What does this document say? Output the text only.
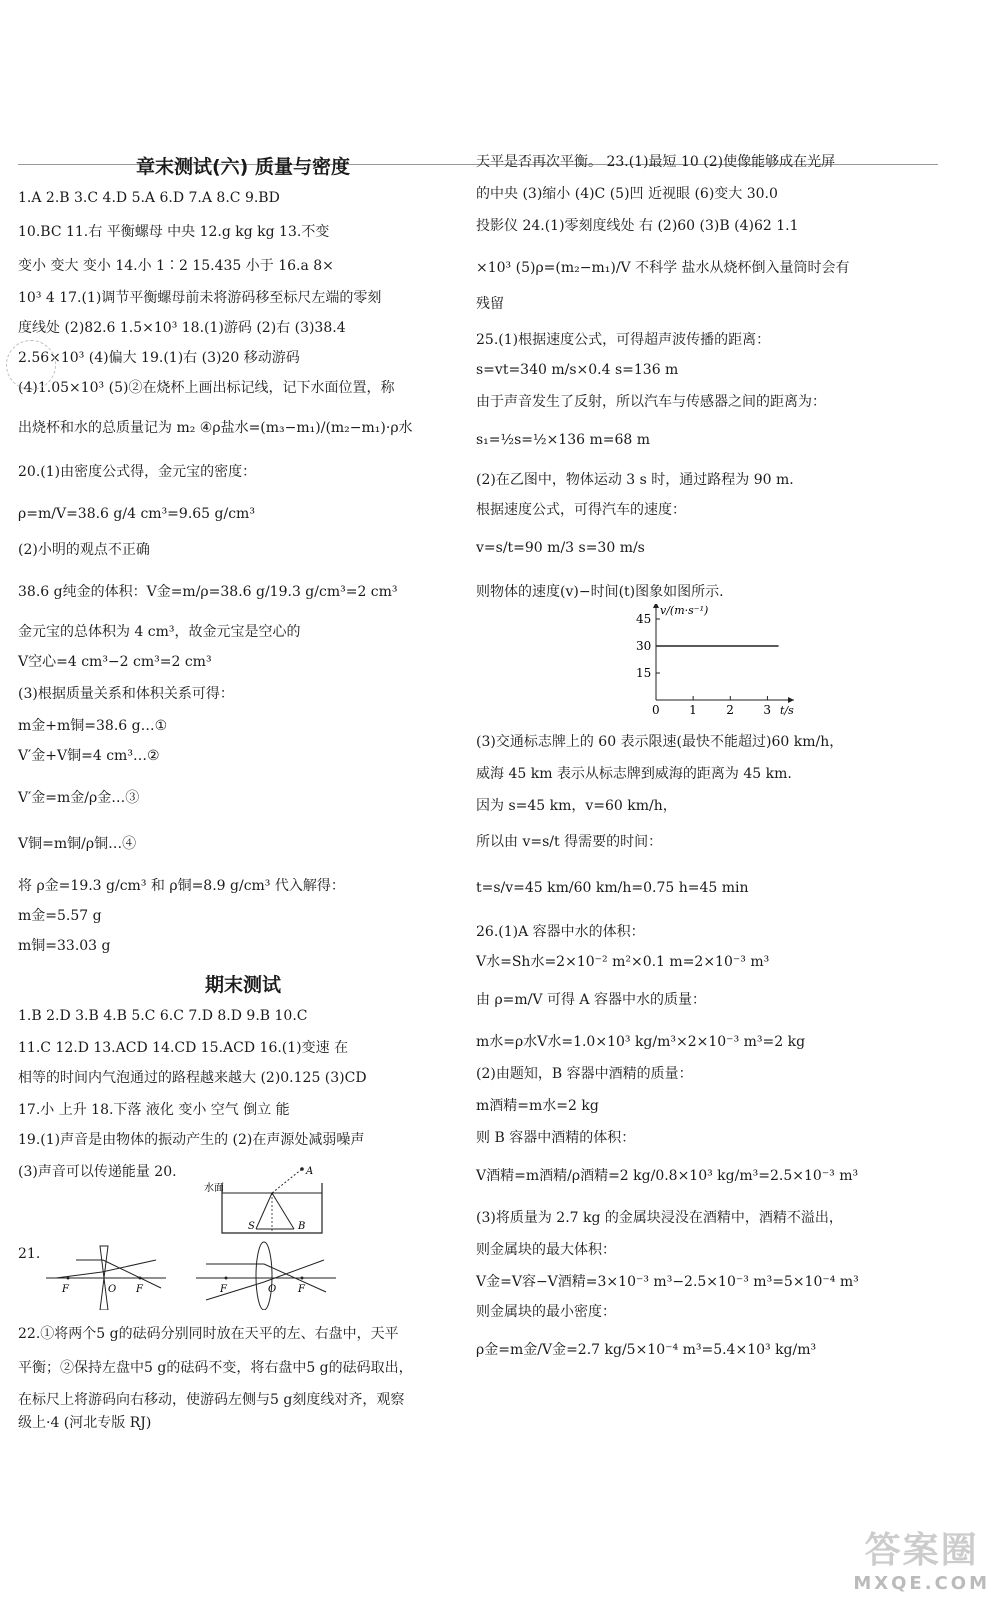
章末测试(六) 质量与密度
1.A 2.B 3.C 4.D 5.A 6.D 7.A 8.C 9.BD
10.BC 11.右 平衡螺母 中央 12.g kg kg 13.不变
变小 变大 变小 14.小 1∶2 15.435 小于 16.a 8×
10³ 4 17.(1)调节平衡螺母前未将游码移至标尺左端的零刻
度线处 (2)82.6 1.5×10³ 18.(1)游码 (2)右 (3)38.4
2.56×10³ (4)偏大 19.(1)右 (3)20 移动游码
(4)1.05×10³ (5)②在烧杯上画出标记线，记下水面位置，称
出烧杯和水的总质量记为 m₂ ④ρ盐水=(m₃−m₁)/(m₂−m₁)·ρ水
20.(1)由密度公式得，金元宝的密度：
ρ=m/V=38.6 g/4 cm³=9.65 g/cm³
(2)小明的观点不正确
38.6 g纯金的体积：V金=m/ρ=38.6 g/19.3 g/cm³=2 cm³
金元宝的总体积为 4 cm³，故金元宝是空心的
V空心=4 cm³−2 cm³=2 cm³
(3)根据质量关系和体积关系可得：
m金+m铜=38.6 g…①
V′金+V铜=4 cm³…②
V′金=m金/ρ金…③
V铜=m铜/ρ铜…④
将 ρ金=19.3 g/cm³ 和 ρ铜=8.9 g/cm³ 代入解得：
m金=5.57 g
m铜=33.03 g
期末测试
1.B 2.D 3.B 4.B 5.C 6.C 7.D 8.D 9.B 10.C
11.C 12.D 13.ACD 14.CD 15.ACD 16.(1)变速 在
相等的时间内气泡通过的路程越来越大 (2)0.125 (3)CD
17.小 上升 18.下落 液化 变小 空气 倒立 能
19.(1)声音是由物体的振动产生的 (2)在声源处减弱噪声
(3)声音可以传递能量 20.
水面
A
S	B
21.
F	O F	F	O F
22.①将两个5 g的砝码分别同时放在天平的左、右盘中，天平
平衡；②保持左盘中5 g的砝码不变，将右盘中5 g的砝码取出，
在标尺上将游码向右移动，使游码左侧与5 g刻度线对齐，观察
级上·4 (河北专版 RJ)
天平是否再次平衡。 23.(1)最短 10 (2)使像能够成在光屏
的中央 (3)缩小 (4)C (5)凹 近视眼 (6)变大 30.0
投影仪 24.(1)零刻度线处 右 (2)60 (3)B (4)62 1.1
×10³ (5)ρ=(m₂−m₁)/V 不科学 盐水从烧杯倒入量筒时会有
残留
25.(1)根据速度公式，可得超声波传播的距离：
s=vt=340 m/s×0.4 s=136 m
由于声音发生了反射，所以汽车与传感器之间的距离为：
s₁=½s=½×136 m=68 m
(2)在乙图中，物体运动 3 s 时，通过路程为 90 m.
根据速度公式，可得汽车的速度：
v=s/t=90 m/3 s=30 m/s
则物体的速度(v)−时间(t)图象如图所示.
0 1 2 3
15
30
45
v/(m·s⁻¹)
t/s
(3)交通标志牌上的 60 表示限速(最快不能超过)60 km/h，
威海 45 km 表示从标志牌到威海的距离为 45 km.
因为 s=45 km，v=60 km/h，
所以由 v=s/t 得需要的时间：
t=s/v=45 km/60 km/h=0.75 h=45 min
26.(1)A 容器中水的体积：
V水=Sh水=2×10⁻² m²×0.1 m=2×10⁻³ m³
由 ρ=m/V 可得 A 容器中水的质量：
m水=ρ水V水=1.0×10³ kg/m³×2×10⁻³ m³=2 kg
(2)由题知，B 容器中酒精的质量：
m酒精=m水=2 kg
则 B 容器中酒精的体积：
V酒精=m酒精/ρ酒精=2 kg/0.8×10³ kg/m³=2.5×10⁻³ m³
(3)将质量为 2.7 kg 的金属块浸没在酒精中，酒精不溢出，
则金属块的最大体积：
V金=V容−V酒精=3×10⁻³ m³−2.5×10⁻³ m³=5×10⁻⁴ m³
则金属块的最小密度：
ρ金=m金/V金=2.7 kg/5×10⁻⁴ m³=5.4×10³ kg/m³
答案圈
MXQE.COM
